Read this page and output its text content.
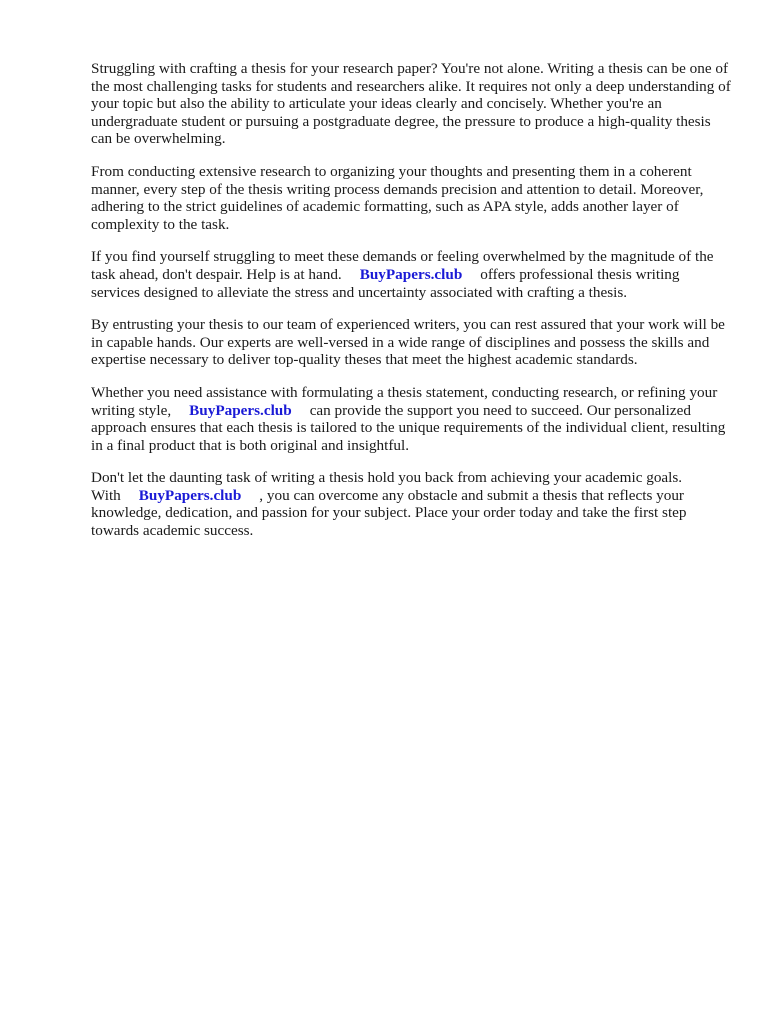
Struggling with crafting a thesis for your research paper? You're not alone. Writing a thesis can be one of the most challenging tasks for students and researchers alike. It requires not only a deep understanding of your topic but also the ability to articulate your ideas clearly and concisely. Whether you're an undergraduate student or pursuing a postgraduate degree, the pressure to produce a high-quality thesis can be overwhelming.

From conducting extensive research to organizing your thoughts and presenting them in a coherent manner, every step of the thesis writing process demands precision and attention to detail. Moreover, adhering to the strict guidelines of academic formatting, such as APA style, adds another layer of complexity to the task.

If you find yourself struggling to meet these demands or feeling overwhelmed by the magnitude of the task ahead, don't despair. Help is at hand. BuyPapers.club offers professional thesis writing services designed to alleviate the stress and uncertainty associated with crafting a thesis.

By entrusting your thesis to our team of experienced writers, you can rest assured that your work will be in capable hands. Our experts are well-versed in a wide range of disciplines and possess the skills and expertise necessary to deliver top-quality theses that meet the highest academic standards.

Whether you need assistance with formulating a thesis statement, conducting research, or refining your writing style, BuyPapers.club can provide the support you need to succeed. Our personalized approach ensures that each thesis is tailored to the unique requirements of the individual client, resulting in a final product that is both original and insightful.

Don't let the daunting task of writing a thesis hold you back from achieving your academic goals. With BuyPapers.club , you can overcome any obstacle and submit a thesis that reflects your knowledge, dedication, and passion for your subject. Place your order today and take the first step towards academic success.
